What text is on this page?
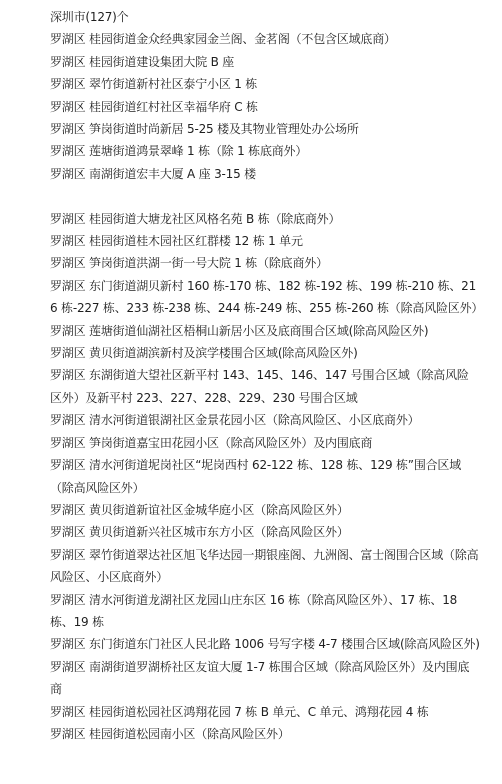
深圳市(127)个
罗湖区 桂园街道金众经典家园金兰阁、金茗阁（不包含区域底商）
罗湖区 桂园街道建设集团大院 B 座
罗湖区 翠竹街道新村社区泰宁小区 1 栋
罗湖区 桂园街道红村社区幸福华府 C 栋
罗湖区 笋岗街道时尚新居 5-25 楼及其物业管理处办公场所
罗湖区 莲塘街道鸿景翠峰 1 栋（除 1 栋底商外）
罗湖区 南湖街道宏丰大厦 A 座 3-15 楼
罗湖区 桂园街道大塘龙社区风格名苑 B 栋（除底商外）
罗湖区 桂园街道桂木园社区红群楼 12 栋 1 单元
罗湖区 笋岗街道洪湖一街一号大院 1 栋（除底商外）
罗湖区 东门街道湖贝新村 160 栋-170 栋、182 栋-192 栋、199 栋-210 栋、216 栋-227 栋、233 栋-238 栋、244 栋-249 栋、255 栋-260 栋（除高风险区外）
罗湖区 莲塘街道仙湖社区梧桐山新居小区及底商围合区域(除高风险区外)
罗湖区 黄贝街道湖滨新村及滨学楼围合区域(除高风险区外)
罗湖区 东湖街道大望社区新平村 143、145、146、147 号围合区域（除高风险区外）及新平村 223、227、228、229、230 号围合区域
罗湖区 清水河街道银湖社区金景花园小区（除高风险区、小区底商外）
罗湖区 笋岗街道嘉宝田花园小区（除高风险区外）及内围底商
罗湖区 清水河街道坭岗社区“坭岗西村 62-122 栋、128 栋、129 栋”围合区域（除高风险区外）
罗湖区 黄贝街道新谊社区金城华庭小区（除高风险区外）
罗湖区 黄贝街道新兴社区城市东方小区（除高风险区外）
罗湖区 翠竹街道翠达社区旭飞华达园一期银座阁、九洲阁、富士阁围合区域（除高风险区、小区底商外）
罗湖区 清水河街道龙湖社区龙园山庄东区 16 栋（除高风险区外）、17 栋、18 栋、19 栋
罗湖区 东门街道东门社区人民北路 1006 号写字楼 4-7 楼围合区域(除高风险区外)
罗湖区 南湖街道罗湖桥社区友谊大厦 1-7 栋围合区域（除高风险区外）及内围底商
罗湖区 桂园街道松园社区鸿翔花园 7 栋 B 单元、C 单元、鸿翔花园 4 栋
罗湖区 桂园街道松园南小区（除高风险区外）
